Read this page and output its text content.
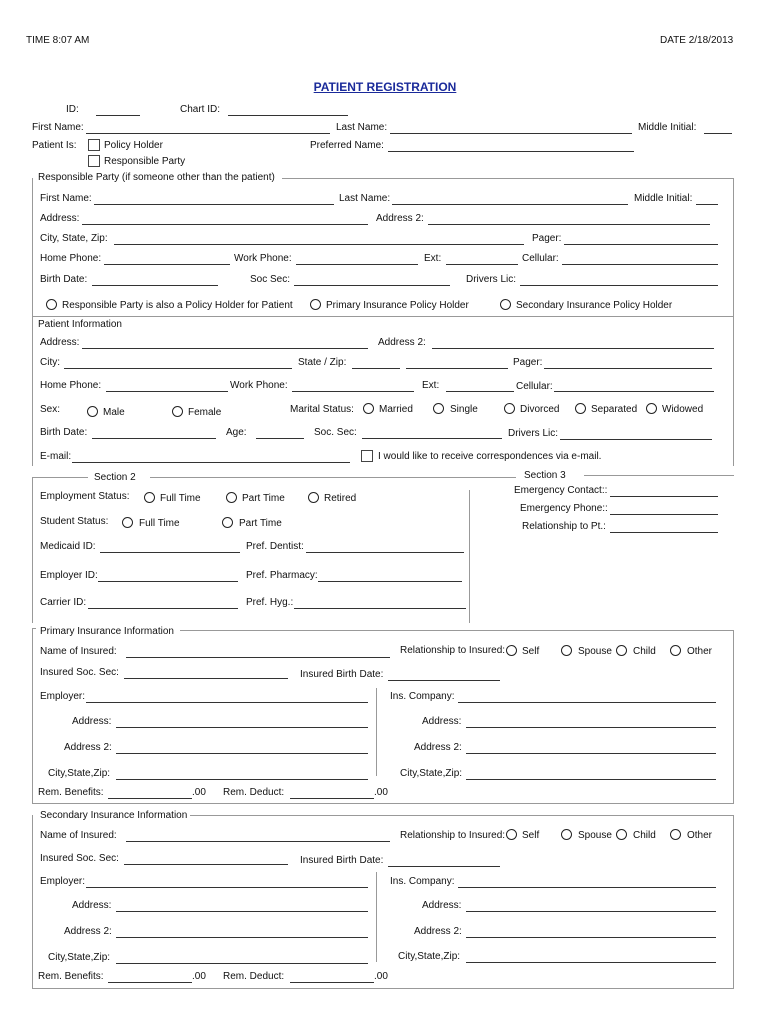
TIME 8:07 AM	DATE 2/18/2013
PATIENT REGISTRATION
ID:	Chart ID:
First Name:	Last Name:	Middle Initial:
Patient Is:	Policy Holder	Preferred Name:
Responsible Party
Responsible Party (if someone other than the patient)
First Name:	Last Name:	Middle Initial:
Address:	Address 2:
City, State, Zip:	Pager:
Home Phone:	Work Phone:	Ext:	Cellular:
Birth Date:	Soc Sec:	Drivers Lic:
Responsible Party is also a Policy Holder for Patient	Primary Insurance Policy Holder	Secondary Insurance Policy Holder
Patient Information
Address:	Address 2:
City:	State / Zip:	Pager:
Home Phone:	Work Phone:	Ext:	Cellular:
Sex:	Male	Female	Marital Status:	Married	Single	Divorced	Separated Widowed
Birth Date:	Age:	Soc. Sec:	Drivers Lic:
E-mail:	I would like to receive correspondences via e-mail.
Section 2
Employment Status:	Full Time	Part Time	Retired
Student Status:	Full Time	Part Time
Medicaid ID:	Pref. Dentist:
Employer ID:	Pref. Pharmacy:
Carrier ID:	Pref. Hyg.:
Section 3
Emergency Contact::
Emergency Phone::
Relationship to Pt.:
Primary Insurance Information
Name of Insured:	Relationship to Insured: Self	Spouse Child	Other
Insured Soc. Sec:	Insured Birth Date:
Employer:	Ins. Company:
Address:	Address:
Address 2:	Address 2:
City,State,Zip:	City,State,Zip:
Rem. Benefits:	.00 Rem. Deduct:	.00
Secondary Insurance Information
Name of Insured:	Relationship to Insured: Self	Spouse Child	Other
Insured Soc. Sec:	Insured Birth Date:
Employer:	Ins. Company:
Address:	Address:
Address 2:	Address 2:
City,State,Zip:	City,State,Zip:
Rem. Benefits:	.00 Rem. Deduct:	.00
